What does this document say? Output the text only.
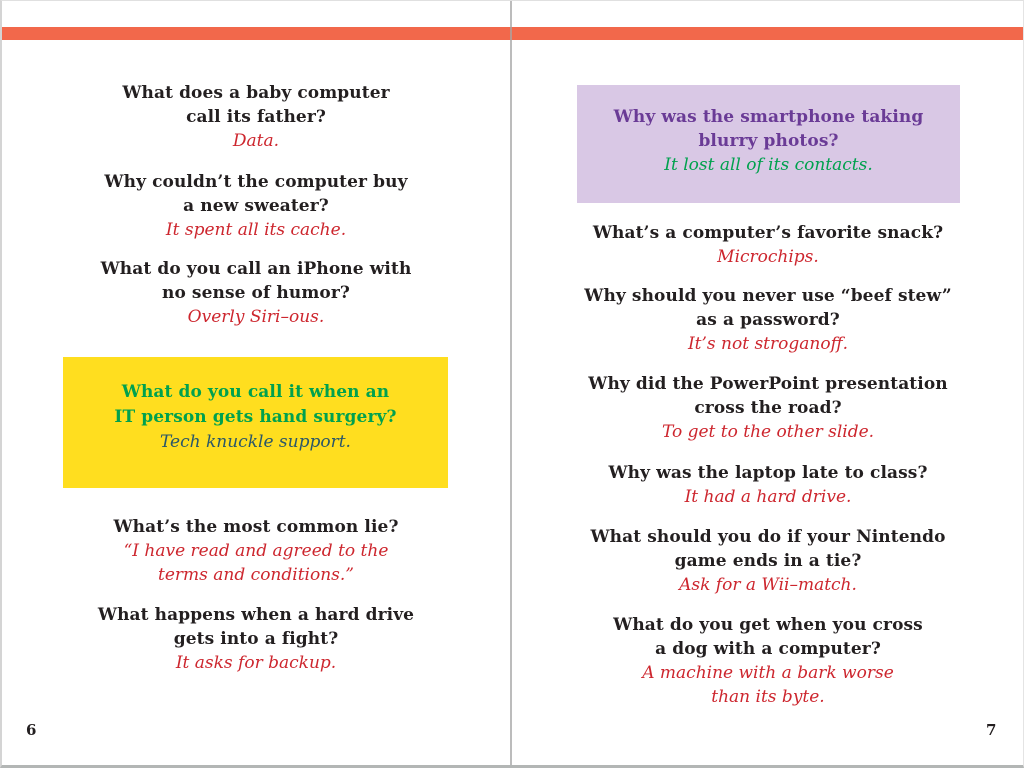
What does a baby computer
call its father?
Data.
Why couldn’t the computer buy
a new sweater?
It spent all its cache.
What do you call an iPhone with
no sense of humor?
Overly Siri–ous.
What do you call it when an
IT person gets hand surgery?
Tech knuckle support.
What’s the most common lie?
“I have read and agreed to the
terms and conditions.”
What happens when a hard drive
gets into a fight?
It asks for backup.
Why was the smartphone taking
blurry photos?
It lost all of its contacts.
What’s a computer’s favorite snack?
Microchips.
Why should you never use “beef stew”
as a password?
It’s not stroganoff.
Why did the PowerPoint presentation
cross the road?
To get to the other slide.
Why was the laptop late to class?
It had a hard drive.
What should you do if your Nintendo
game ends in a tie?
Ask for a Wii–match.
What do you get when you cross
a dog with a computer?
A machine with a bark worse
than its byte.
6	7
